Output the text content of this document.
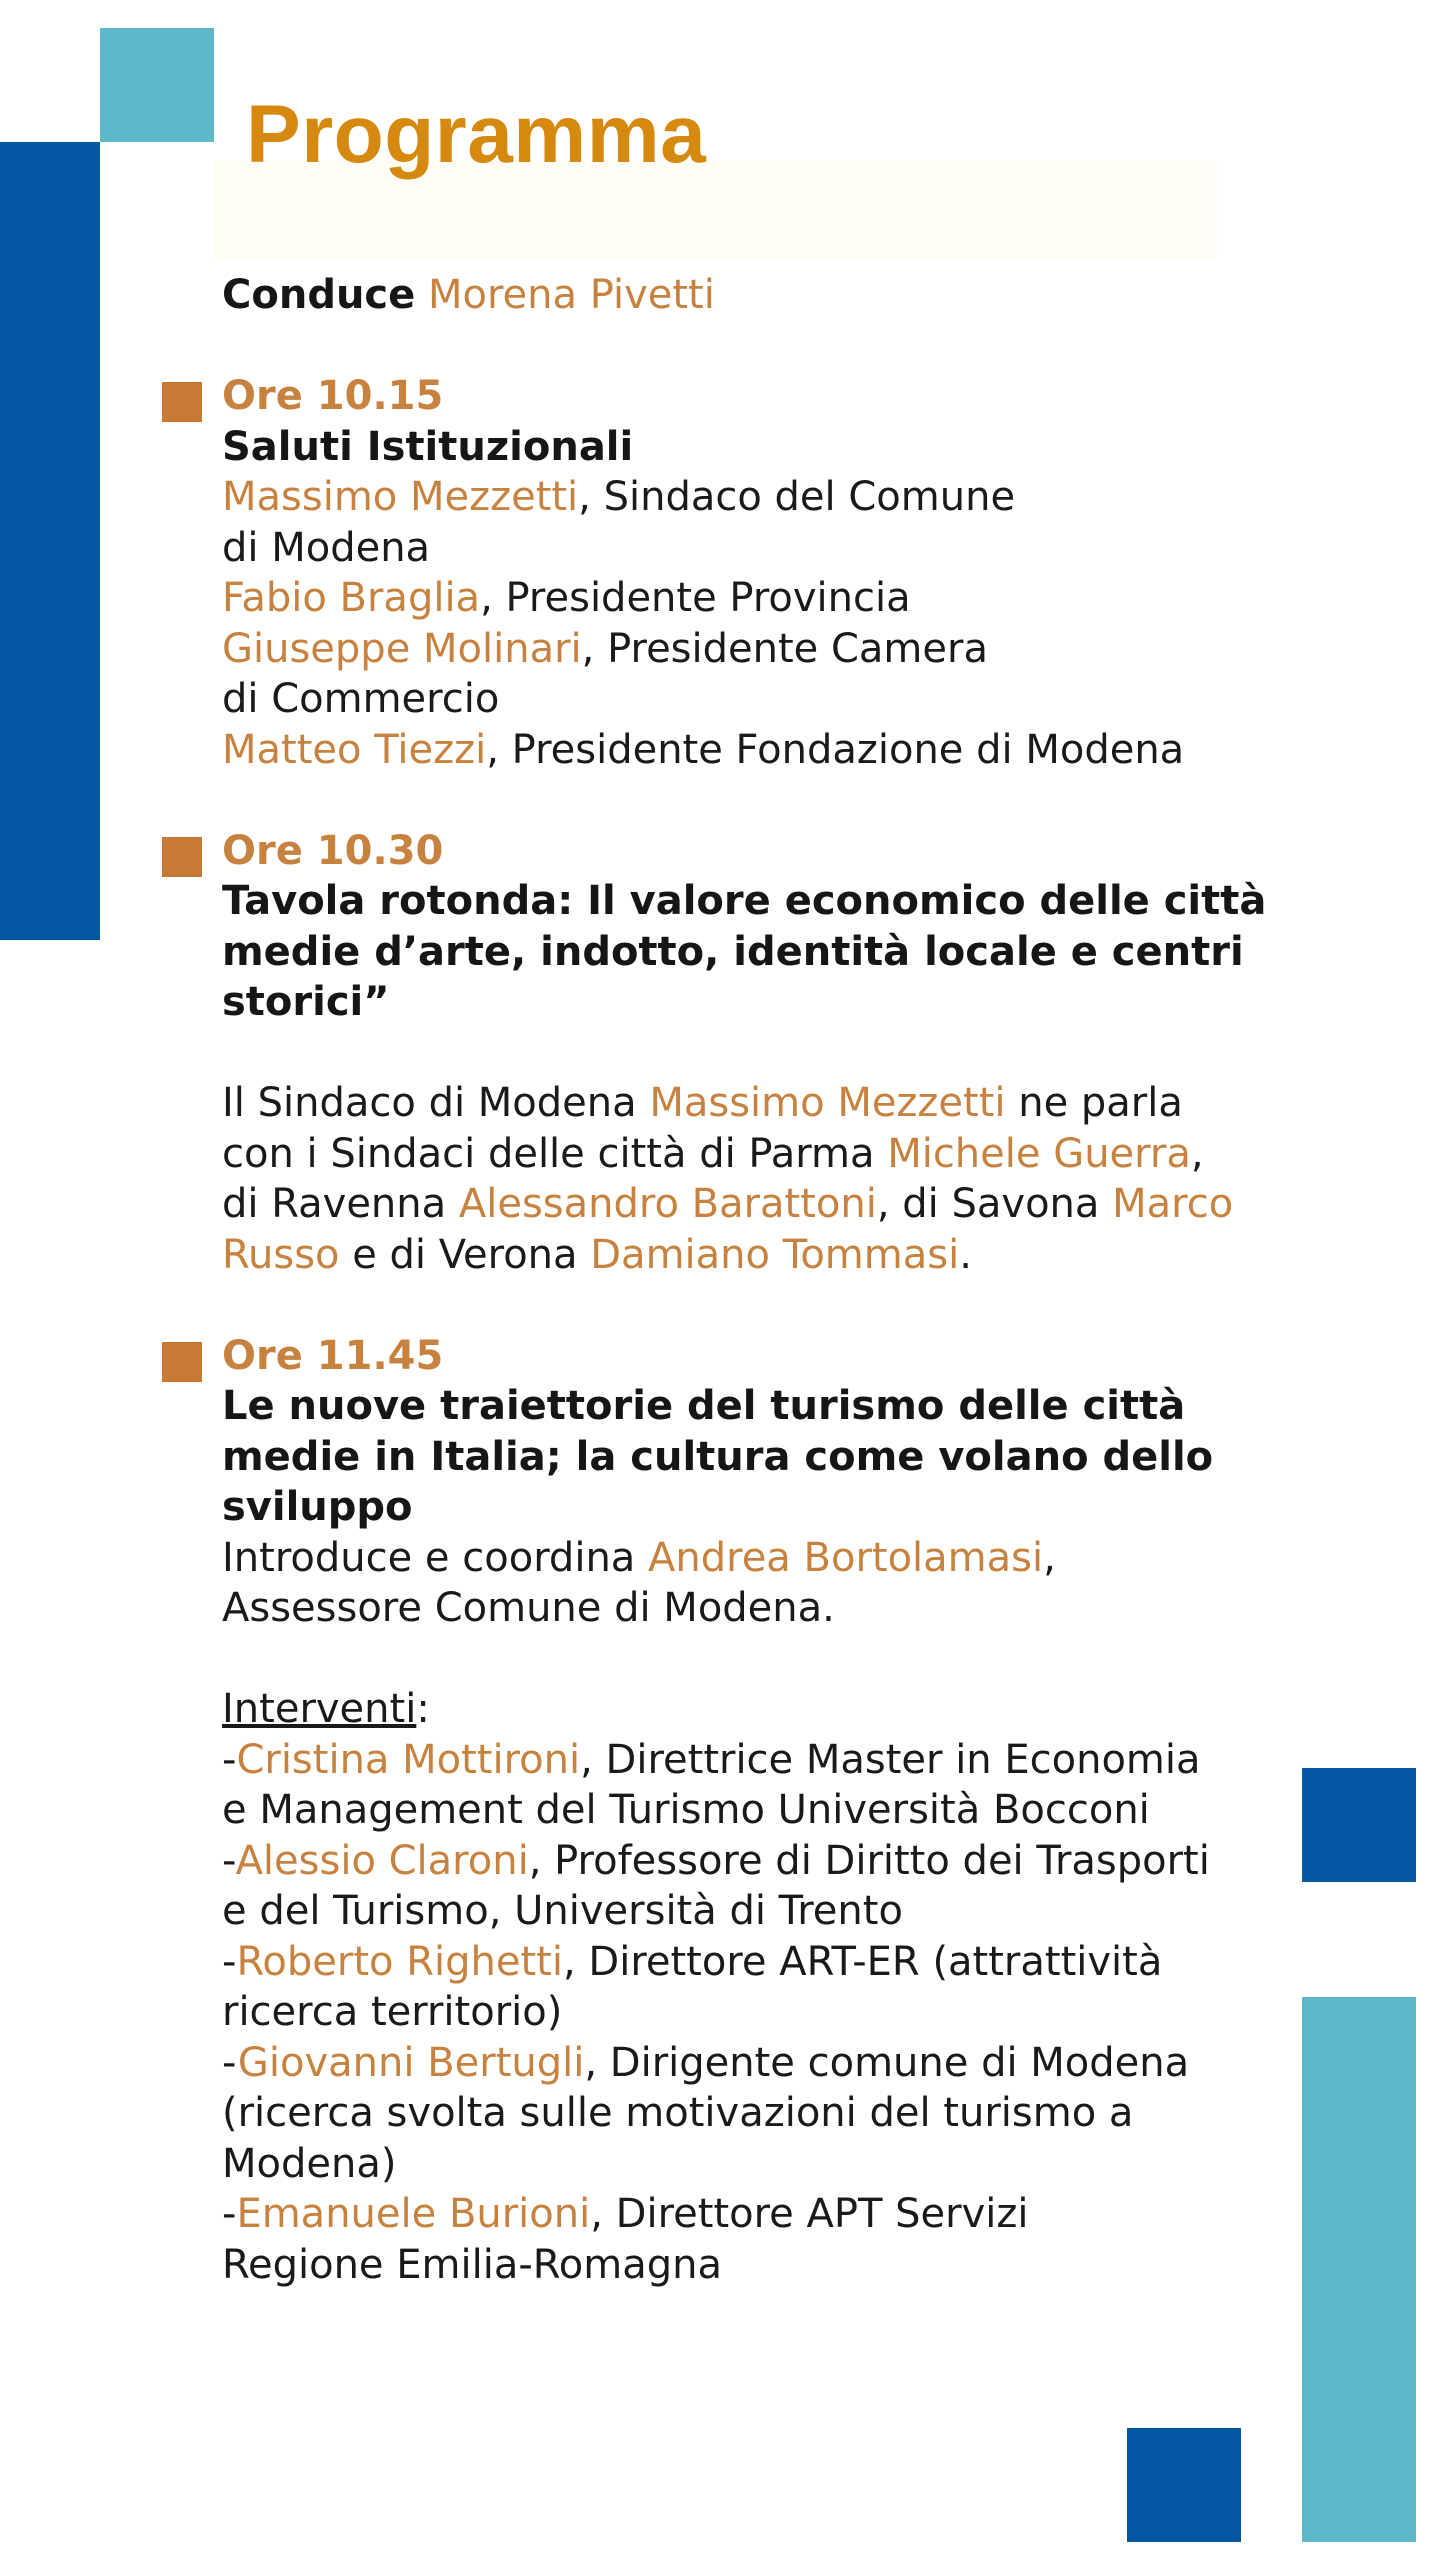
Programma
Conduce Morena Pivetti
Ore 10.15
Saluti Istituzionali
Massimo Mezzetti, Sindaco del Comune
di Modena
Fabio Braglia, Presidente Provincia
Giuseppe Molinari, Presidente Camera
di Commercio
Matteo Tiezzi, Presidente Fondazione di Modena
Ore 10.30
Tavola rotonda: Il valore economico delle città
medie d’arte, indotto, identità locale e centri
storici”

Il Sindaco di Modena Massimo Mezzetti ne parla
con i Sindaci delle città di Parma Michele Guerra,
di Ravenna Alessandro Barattoni, di Savona Marco
Russo e di Verona Damiano Tommasi.
Ore 11.45
Le nuove traiettorie del turismo delle città
medie in Italia; la cultura come volano dello
sviluppo
Introduce e coordina Andrea Bortolamasi,
Assessore Comune di Modena.

Interventi:
-Cristina Mottironi, Direttrice Master in Economia
e Management del Turismo Università Bocconi
-Alessio Claroni, Professore di Diritto dei Trasporti
e del Turismo, Università di Trento
-Roberto Righetti, Direttore ART-ER (attrattività
ricerca territorio)
-Giovanni Bertugli, Dirigente comune di Modena
(ricerca svolta sulle motivazioni del turismo a
Modena)
-Emanuele Burioni, Direttore APT Servizi
Regione Emilia-Romagna
